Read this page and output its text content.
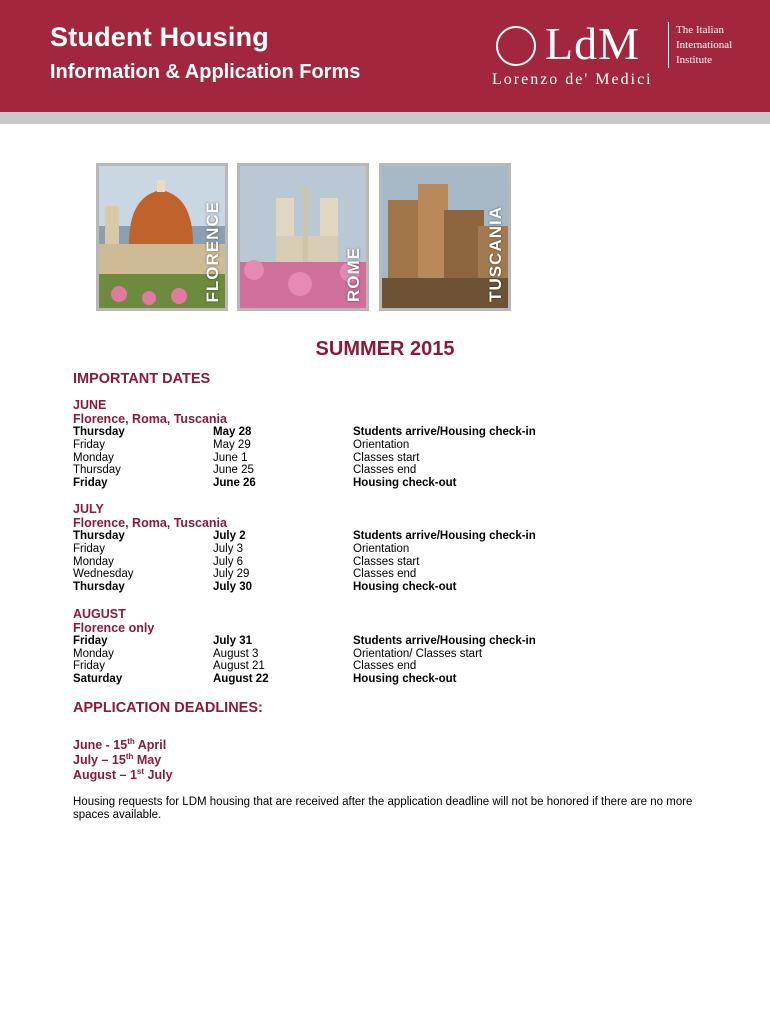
Student Housing
Information & Application Forms
LdM	The Italian
International
Institute
Lorenzo de' Medici
FLORENCE	ROME	TUSCANIA
SUMMER 2015
IMPORTANT DATES
JUNE
Florence, Roma, Tuscania
Thursday	May 28	Students arrive/Housing check-in
Friday	May 29	Orientation
Monday	June 1	Classes start
Thursday	June 25	Classes end
Friday	June 26	Housing check-out
JULY
Florence, Roma, Tuscania
Thursday	July 2	Students arrive/Housing check-in
Friday	July 3	Orientation
Monday	July 6	Classes start
Wednesday	July 29	Classes end
Thursday	July 30	Housing check-out
AUGUST
Florence only
Friday	July 31	Students arrive/Housing check-in
Monday	August 3	Orientation/ Classes start
Friday	August 21	Classes end
Saturday	August 22	Housing check-out
APPLICATION DEADLINES:
June - 15th April
July – 15th May
August – 1st July
Housing requests for LDM housing that are received after the application deadline will not be honored if there are no more spaces available.
